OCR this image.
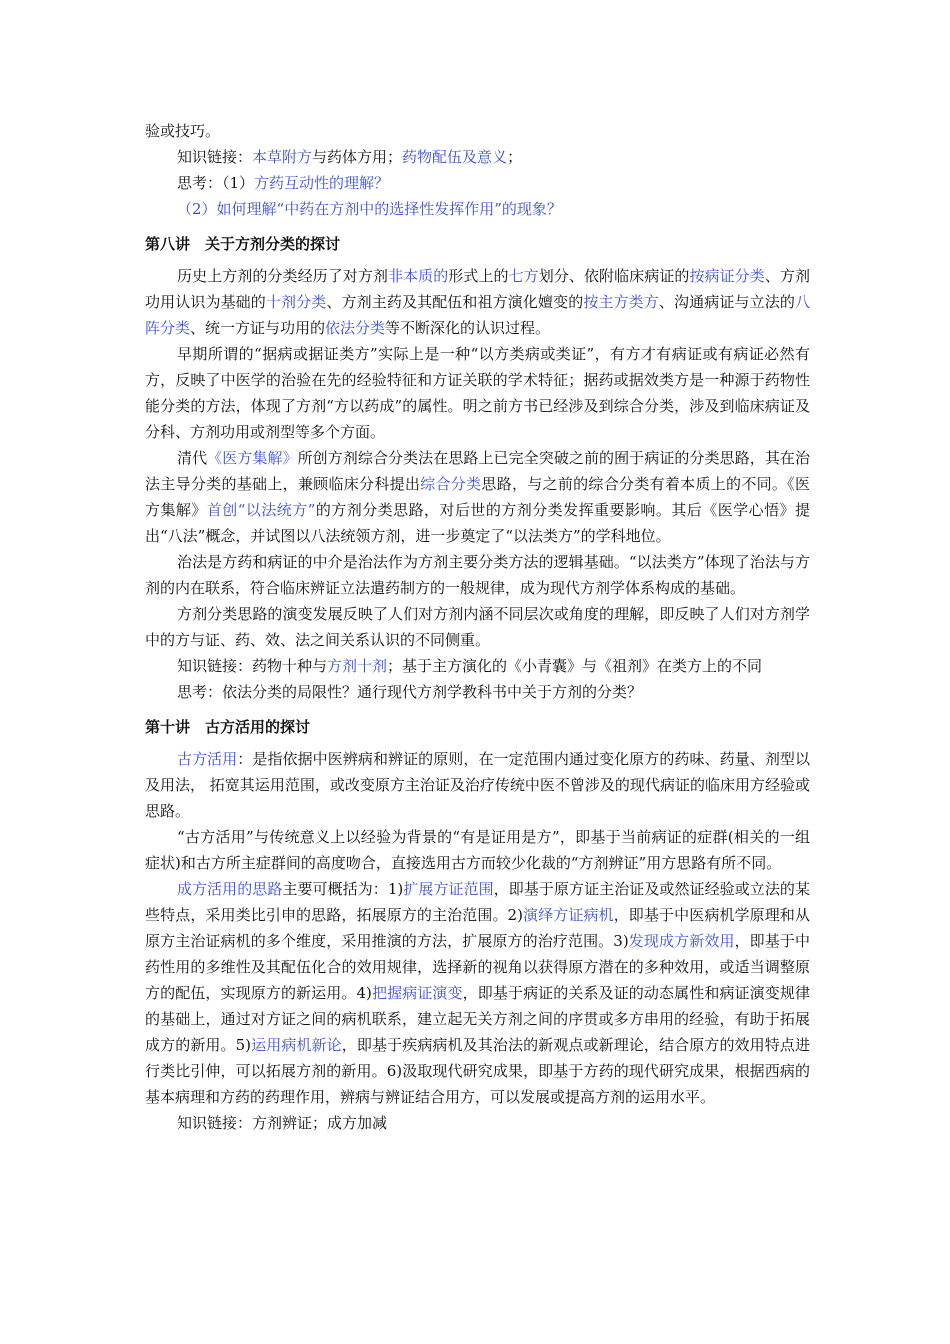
验或技巧。

知识链接：本草附方与药体方用；药物配伍及意义；

思考：（1）方药互动性的理解？

（2）如何理解“中药在方剂中的选择性发挥作用”的现象？

第八讲　关于方剂分类的探讨

历史上方剂的分类经历了对方剂非本质的形式上的七方划分、依附临床病证的按病证分类、方剂功用认识为基础的十剂分类、方剂主药及其配伍和祖方演化嬗变的按主方类方、沟通病证与立法的八阵分类、统一方证与功用的依法分类等不断深化的认识过程。

早期所谓的“据病或据证类方”实际上是一种“以方类病或类证”，有方才有病证或有病证必然有方，反映了中医学的治验在先的经验特征和方证关联的学术特征；据药或据效类方是一种源于药物性能分类的方法，体现了方剂“方以药成”的属性。明之前方书已经涉及到综合分类，涉及到临床病证及分科、方剂功用或剂型等多个方面。

清代《医方集解》所创方剂综合分类法在思路上已完全突破之前的囿于病证的分类思路，其在治法主导分类的基础上，兼顾临床分科提出综合分类思路，与之前的综合分类有着本质上的不同。《医方集解》首创“以法统方”的方剂分类思路，对后世的方剂分类发挥重要影响。其后《医学心悟》提出“八法”概念，并试图以八法统领方剂，进一步奠定了“以法类方”的学科地位。

治法是方药和病证的中介是治法作为方剂主要分类方法的逻辑基础。“以法类方”体现了治法与方剂的内在联系，符合临床辨证立法遣药制方的一般规律，成为现代方剂学体系构成的基础。

方剂分类思路的演变发展反映了人们对方剂内涵不同层次或角度的理解，即反映了人们对方剂学中的方与证、药、效、法之间关系认识的不同侧重。

知识链接：药物十种与方剂十剂；基于主方演化的《小青囊》与《祖剂》在类方上的不同

思考：依法分类的局限性？通行现代方剂学教科书中关于方剂的分类？

第十讲　古方活用的探讨

古方活用：是指依据中医辨病和辨证的原则，在一定范围内通过变化原方的药味、药量、剂型以及用法， 拓宽其运用范围，或改变原方主治证及治疗传统中医不曾涉及的现代病证的临床用方经验或思路。

“古方活用”与传统意义上以经验为背景的“有是证用是方”，即基于当前病证的症群(相关的一组症状)和古方所主症群间的高度吻合，直接选用古方而较少化裁的“方剂辨证”用方思路有所不同。

成方活用的思路主要可概括为：1)扩展方证范围，即基于原方证主治证及或然证经验或立法的某些特点，采用类比引申的思路，拓展原方的主治范围。2)演绎方证病机，即基于中医病机学原理和从原方主治证病机的多个维度，采用推演的方法，扩展原方的治疗范围。3)发现成方新效用，即基于中药性用的多维性及其配伍化合的效用规律，选择新的视角以获得原方潜在的多种效用，或适当调整原方的配伍，实现原方的新运用。4)把握病证演变，即基于病证的关系及证的动态属性和病证演变规律的基础上，通过对方证之间的病机联系，建立起无关方剂之间的序贯或多方串用的经验，有助于拓展成方的新用。5)运用病机新论，即基于疾病病机及其治法的新观点或新理论，结合原方的效用特点进行类比引伸，可以拓展方剂的新用。6)汲取现代研究成果，即基于方药的现代研究成果，根据西病的基本病理和方药的药理作用，辨病与辨证结合用方，可以发展或提高方剂的运用水平。

知识链接：方剂辨证；成方加减
